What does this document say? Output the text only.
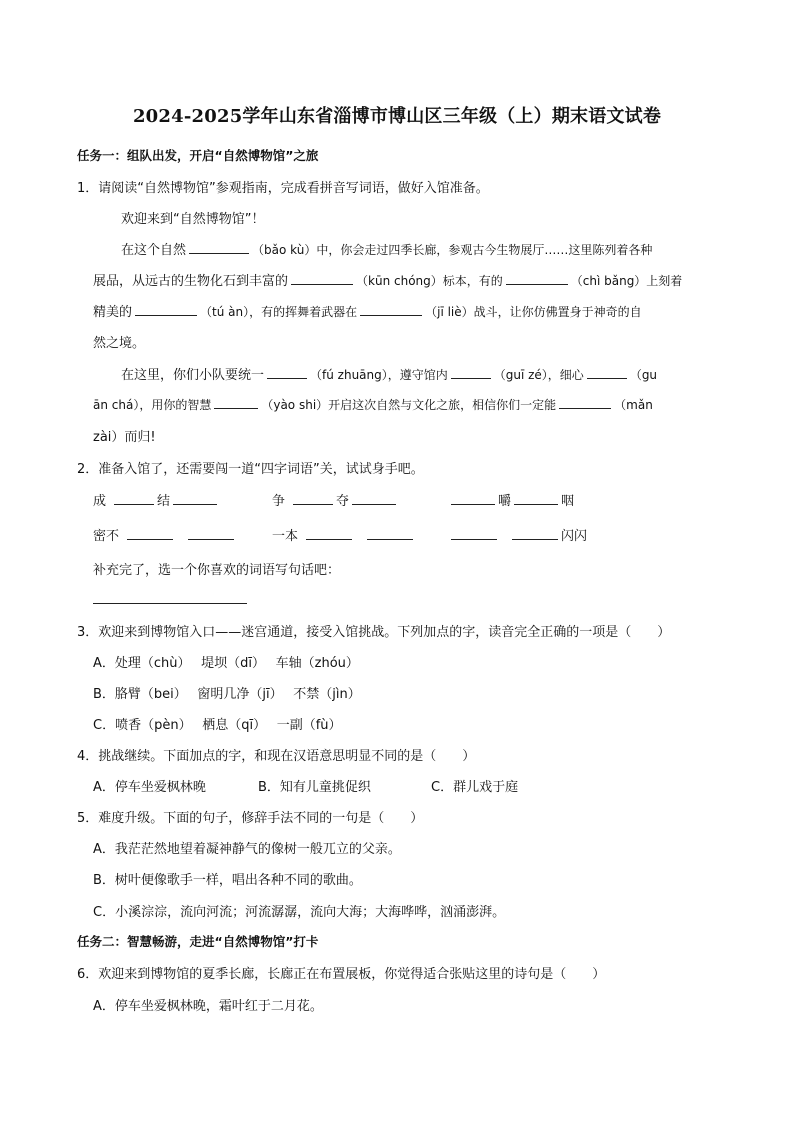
2024-2025学年山东省淄博市博山区三年级（上）期末语文试卷
任务一：组队出发，开启“自然博物馆”之旅
1．请阅读“自然博物馆”参观指南，完成看拼音写词语，做好入馆准备。
欢迎来到“自然博物馆”！
在这个自然	（bǎo kù）中，你会走过四季长廊，参观古今生物展厅……这里陈列着各种
展品，从远古的生物化石到丰富的	（kūn chóng）标本，有的	（chì bǎng）上刻着
精美的	（tú àn），有的挥舞着武器在	（jī liè）战斗，让你仿佛置身于神奇的自
然之境。
在这里，你们小队要统一	（fú zhuāng），遵守馆内	（guī zé），细心	（gu
ān chá），用你的智慧	（yào shi）开启这次自然与文化之旅，相信你们一定能	（mǎn
zài）而归!
2．准备入馆了，还需要闯一道“四字词语”关，试试身手吧。
成	结	争	夺	嚼	咽
密不	一本	闪闪
补充完了，选一个你喜欢的词语写句话吧：
3．欢迎来到博物馆入口——迷宫通道，接受入馆挑战。下列加点的字，读音完全正确的一项是（　　）
A．处理（chù）　 堤坝（dī）　 车轴（zhóu）
B．胳臂（bei）　 窗明几净（jī）　 不禁（jìn）
C．喷香（pèn）　 栖息（qī）　 一副（fù）
4．挑战继续。下面加点的字，和现在汉语意思明显不同的是（　　）
A．停车坐爱枫林晚	B．知有儿童挑促织	C．群儿戏于庭
5．难度升级。下面的句子，修辞手法不同的一句是（　　）
A．我茫茫然地望着凝神静气的像树一般兀立的父亲。
B．树叶便像歌手一样，唱出各种不同的歌曲。
C．小溪淙淙，流向河流；河流潺潺，流向大海；大海哗哗，汹涌澎湃。
任务二：智慧畅游，走进“自然博物馆”打卡
6．欢迎来到博物馆的夏季长廊，长廊正在布置展板，你觉得适合张贴这里的诗句是（　　）
A．停车坐爱枫林晚，霜叶红于二月花。
